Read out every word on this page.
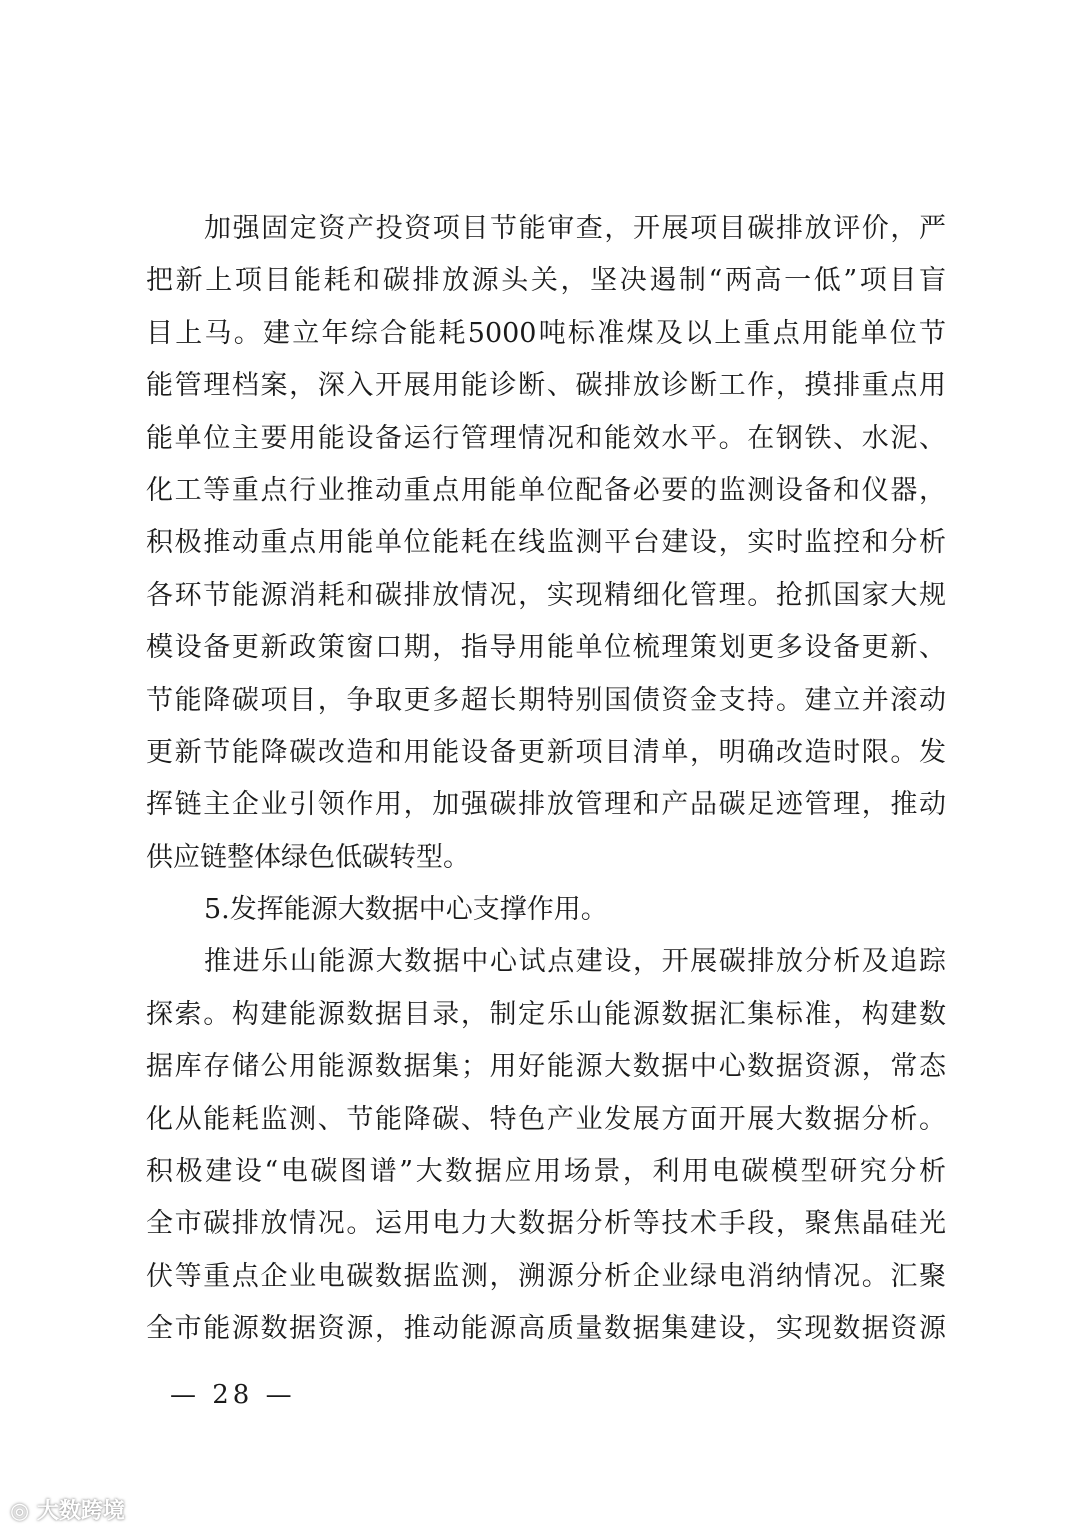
加强固定资产投资项目节能审查，开展项目碳排放评价，严
把新上项目能耗和碳排放源头关，坚决遏制“两高一低”项目盲
目上马。建立年综合能耗5000吨标准煤及以上重点用能单位节
能管理档案，深入开展用能诊断、碳排放诊断工作，摸排重点用
能单位主要用能设备运行管理情况和能效水平。在钢铁、水泥、
化工等重点行业推动重点用能单位配备必要的监测设备和仪器，
积极推动重点用能单位能耗在线监测平台建设，实时监控和分析
各环节能源消耗和碳排放情况，实现精细化管理。抢抓国家大规
模设备更新政策窗口期，指导用能单位梳理策划更多设备更新、
节能降碳项目，争取更多超长期特别国债资金支持。建立并滚动
更新节能降碳改造和用能设备更新项目清单，明确改造时限。发
挥链主企业引领作用，加强碳排放管理和产品碳足迹管理，推动
供应链整体绿色低碳转型。
5.发挥能源大数据中心支撑作用。
推进乐山能源大数据中心试点建设，开展碳排放分析及追踪
探索。构建能源数据目录，制定乐山能源数据汇集标准，构建数
据库存储公用能源数据集；用好能源大数据中心数据资源，常态
化从能耗监测、节能降碳、特色产业发展方面开展大数据分析。
积极建设“电碳图谱”大数据应用场景，利用电碳模型研究分析
全市碳排放情况。运用电力大数据分析等技术手段，聚焦晶硅光
伏等重点企业电碳数据监测，溯源分析企业绿电消纳情况。汇聚
全市能源数据资源，推动能源高质量数据集建设，实现数据资源
— 28 —
◎ 大数跨境
